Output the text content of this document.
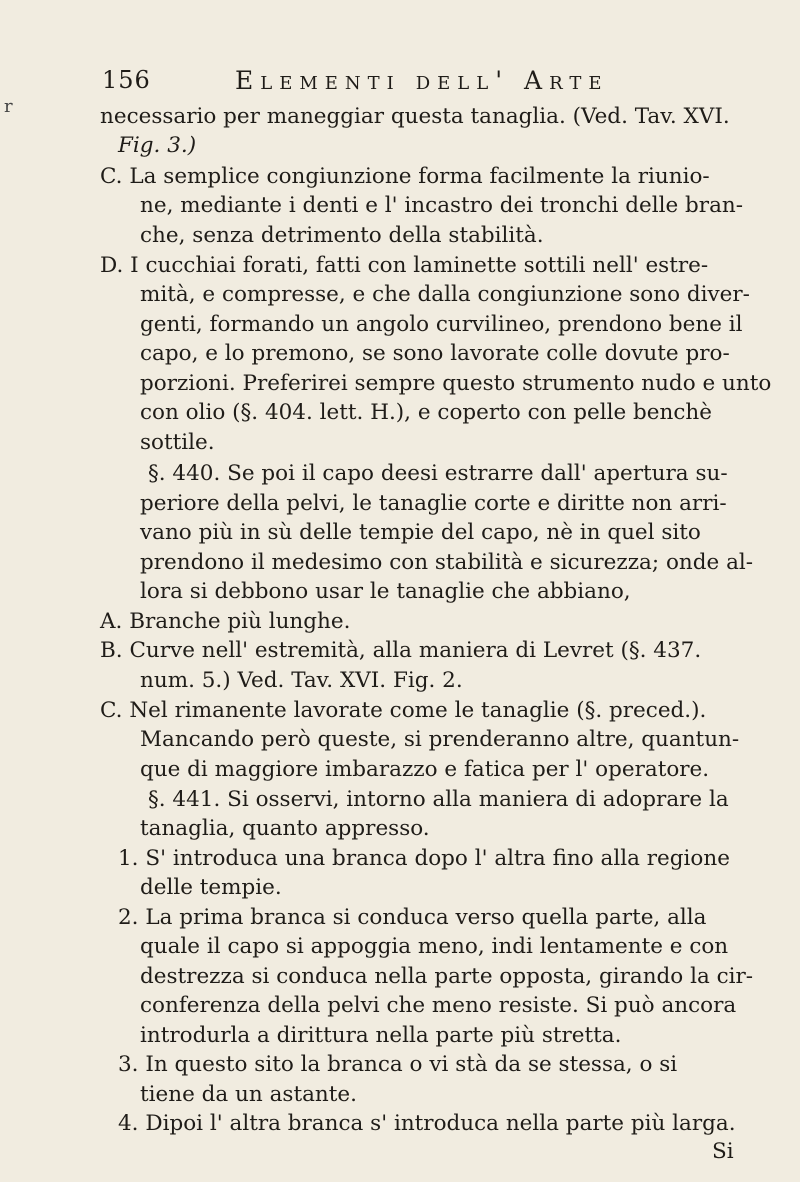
r
156	Elementi dell' Arte
necessario per maneggiar questa tanaglia. (Ved. Tav. XVI.
Fig. 3.)
C. La semplice congiunzione forma facilmente la riunio-
ne, mediante i denti e l' incastro dei tronchi delle bran-
che, senza detrimento della stabilità.
D. I cucchiai forati, fatti con laminette sottili nell' estre-
mità, e compresse, e che dalla congiunzione sono diver-
genti, formando un angolo curvilineo, prendono bene il
capo, e lo premono, se sono lavorate colle dovute pro-
porzioni. Preferirei sempre questo strumento nudo e unto
con olio (§. 404. lett. H.), e coperto con pelle benchè
sottile.
§. 440. Se poi il capo deesi estrarre dall' apertura su-
periore della pelvi, le tanaglie corte e diritte non arri-
vano più in sù delle tempie del capo, nè in quel sito
prendono il medesimo con stabilità e sicurezza; onde al-
lora si debbono usar le tanaglie che abbiano,
A. Branche più lunghe.
B. Curve nell' estremità, alla maniera di Levret (§. 437.
num. 5.) Ved. Tav. XVI. Fig. 2.
C. Nel rimanente lavorate come le tanaglie (§. preced.).
Mancando però queste, si prenderanno altre, quantun-
que di maggiore imbarazzo e fatica per l' operatore.
§. 441. Si osservi, intorno alla maniera di adoprare la
tanaglia, quanto appresso.
1. S' introduca una branca dopo l' altra fino alla regione
delle tempie.
2. La prima branca si conduca verso quella parte, alla
quale il capo si appoggia meno, indi lentamente e con
destrezza si conduca nella parte opposta, girando la cir-
conferenza della pelvi che meno resiste. Si può ancora
introdurla a dirittura nella parte più stretta.
3. In questo sito la branca o vi stà da se stessa, o si
tiene da un astante.
4. Dipoi l' altra branca s' introduca nella parte più larga.
Si
